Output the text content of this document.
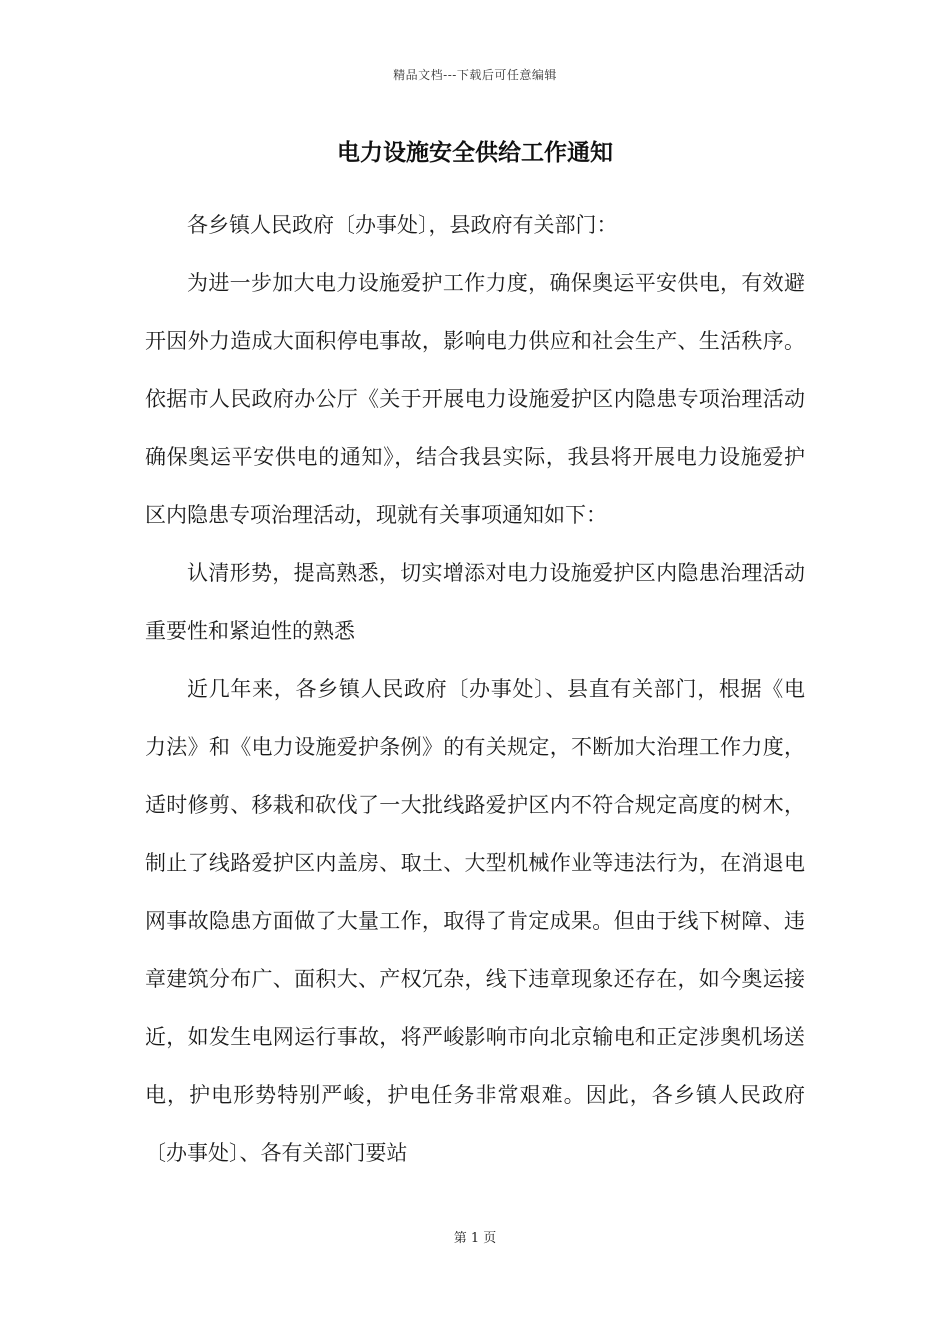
精品文档---下载后可任意编辑
电力设施安全供给工作通知

各乡镇人民政府〔办事处〕，县政府有关部门：

为进一步加大电力设施爱护工作力度，确保奥运平安供电，有效避开因外力造成大面积停电事故，影响电力供应和社会生产、生活秩序。依据市人民政府办公厅《关于开展电力设施爱护区内隐患专项治理活动确保奥运平安供电的通知》，结合我县实际，我县将开展电力设施爱护区内隐患专项治理活动，现就有关事项通知如下：

认清形势，提高熟悉，切实增添对电力设施爱护区内隐患治理活动重要性和紧迫性的熟悉

近几年来，各乡镇人民政府〔办事处〕、县直有关部门，根据《电力法》和《电力设施爱护条例》的有关规定，不断加大治理工作力度，适时修剪、移栽和砍伐了一大批线路爱护区内不符合规定高度的树木，制止了线路爱护区内盖房、取土、大型机械作业等违法行为，在消退电网事故隐患方面做了大量工作，取得了肯定成果。但由于线下树障、违章建筑分布广、面积大、产权冗杂，线下违章现象还存在，如今奥运接近，如发生电网运行事故，将严峻影响市向北京输电和正定涉奥机场送电，护电形势特别严峻，护电任务非常艰难。因此，各乡镇人民政府〔办事处〕、各有关部门要站

第 1 页
